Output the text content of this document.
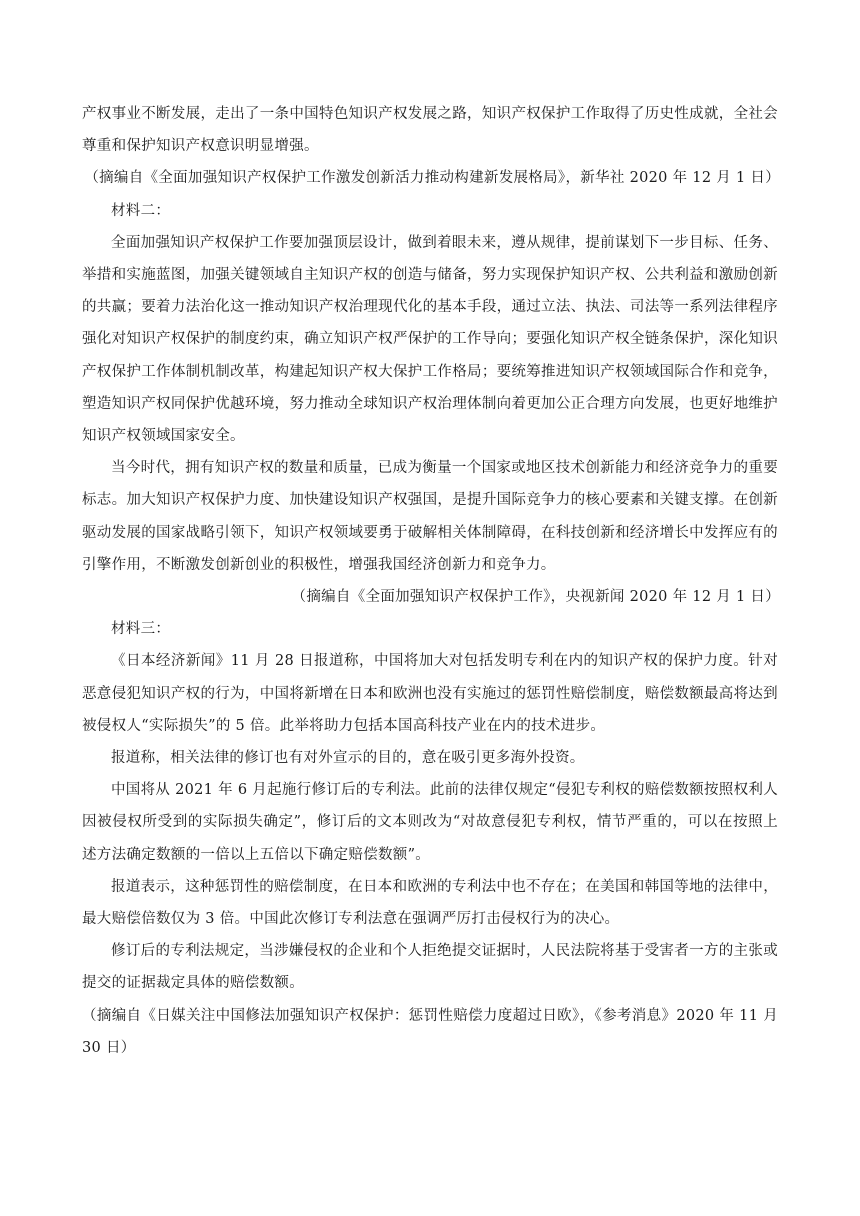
产权事业不断发展，走出了一条中国特色知识产权发展之路，知识产权保护工作取得了历史性成就，全社会尊重和保护知识产权意识明显增强。

（摘编自《全面加强知识产权保护工作激发创新活力推动构建新发展格局》，新华社 2020 年 12 月 1 日）

材料二：

全面加强知识产权保护工作要加强顶层设计，做到着眼未来，遵从规律，提前谋划下一步目标、任务、举措和实施蓝图，加强关键领域自主知识产权的创造与储备，努力实现保护知识产权、公共利益和激励创新的共赢；要着力法治化这一推动知识产权治理现代化的基本手段，通过立法、执法、司法等一系列法律程序强化对知识产权保护的制度约束，确立知识产权严保护的工作导向；要强化知识产权全链条保护，深化知识产权保护工作体制机制改革，构建起知识产权大保护工作格局；要统筹推进知识产权领域国际合作和竞争，塑造知识产权同保护优越环境，努力推动全球知识产权治理体制向着更加公正合理方向发展，也更好地维护知识产权领域国家安全。

当今时代，拥有知识产权的数量和质量，已成为衡量一个国家或地区技术创新能力和经济竞争力的重要标志。加大知识产权保护力度、加快建设知识产权强国，是提升国际竞争力的核心要素和关键支撑。在创新驱动发展的国家战略引领下，知识产权领域要勇于破解相关体制障碍，在科技创新和经济增长中发挥应有的引擎作用，不断激发创新创业的积极性，增强我国经济创新力和竞争力。

（摘编自《全面加强知识产权保护工作》，央视新闻 2020 年 12 月 1 日）

材料三：

《日本经济新闻》11 月 28 日报道称，中国将加大对包括发明专利在内的知识产权的保护力度。针对恶意侵犯知识产权的行为，中国将新增在日本和欧洲也没有实施过的惩罚性赔偿制度，赔偿数额最高将达到被侵权人“实际损失”的 5 倍。此举将助力包括本国高科技产业在内的技术进步。

报道称，相关法律的修订也有对外宣示的目的，意在吸引更多海外投资。

中国将从 2021 年 6 月起施行修订后的专利法。此前的法律仅规定“侵犯专利权的赔偿数额按照权利人因被侵权所受到的实际损失确定”，修订后的文本则改为“对故意侵犯专利权，情节严重的，可以在按照上述方法确定数额的一倍以上五倍以下确定赔偿数额”。

报道表示，这种惩罚性的赔偿制度，在日本和欧洲的专利法中也不存在；在美国和韩国等地的法律中，最大赔偿倍数仅为 3 倍。中国此次修订专利法意在强调严厉打击侵权行为的决心。

修订后的专利法规定，当涉嫌侵权的企业和个人拒绝提交证据时，人民法院将基于受害者一方的主张或提交的证据裁定具体的赔偿数额。

（摘编自《日媒关注中国修法加强知识产权保护：惩罚性赔偿力度超过日欧》，《参考消息》2020 年 11 月 30 日）
